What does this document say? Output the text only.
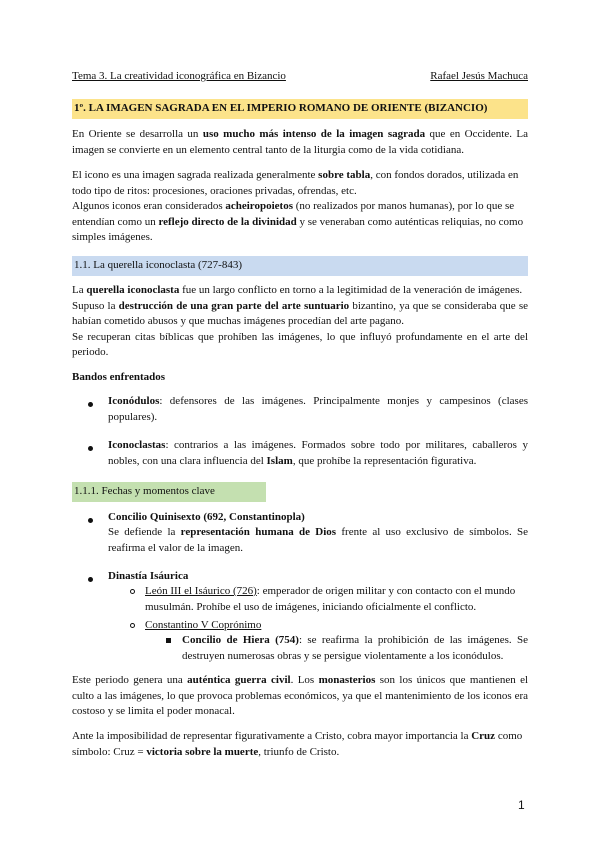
Tema 3. La creatividad iconográfica en Bizancio	Rafael Jesús Machuca
1º. LA IMAGEN SAGRADA EN EL IMPERIO ROMANO DE ORIENTE (BIZANCIO)

En Oriente se desarrolla un uso mucho más intenso de la imagen sagrada que en Occidente. La imagen se convierte en un elemento central tanto de la liturgia como de la vida cotidiana.

El icono es una imagen sagrada realizada generalmente sobre tabla, con fondos dorados, utilizada en todo tipo de ritos: procesiones, oraciones privadas, ofrendas, etc.

Algunos iconos eran considerados acheiropoietos (no realizados por manos humanas), por lo que se entendían como un reflejo directo de la divinidad y se veneraban como auténticas reliquias, no como simples imágenes.

1.1. La querella iconoclasta (727-843)

La querella iconoclasta fue un largo conflicto en torno a la legitimidad de la veneración de imágenes.

Supuso la destrucción de una gran parte del arte suntuario bizantino, ya que se consideraba que se habían cometido abusos y que muchas imágenes procedían del arte pagano.

Se recuperan citas bíblicas que prohíben las imágenes, lo que influyó profundamente en el arte del periodo.

Bandos enfrentados
Iconódulos: defensores de las imágenes. Principalmente monjes y campesinos (clases populares).
Iconoclastas: contrarios a las imágenes. Formados sobre todo por militares, caballeros y nobles, con una clara influencia del Islam, que prohíbe la representación figurativa.
1.1.1. Fechas y momentos clave
Concilio Quinisexto (692, Constantinopla)
Se defiende la representación humana de Dios frente al uso exclusivo de símbolos. Se reafirma el valor de la imagen.
Dinastía Isáurica
León III el Isáurico (726): emperador de origen militar y con contacto con el mundo musulmán. Prohíbe el uso de imágenes, iniciando oficialmente el conflicto.
Constantino V Coprónimo
Concilio de Hiera (754): se reafirma la prohibición de las imágenes. Se destruyen numerosas obras y se persigue violentamente a los iconódulos.

Este periodo genera una auténtica guerra civil. Los monasterios son los únicos que mantienen el culto a las imágenes, lo que provoca problemas económicos, ya que el mantenimiento de los iconos era costoso y se limita el poder monacal.

Ante la imposibilidad de representar figurativamente a Cristo, cobra mayor importancia la Cruz como símbolo: Cruz = victoria sobre la muerte, triunfo de Cristo.

1
